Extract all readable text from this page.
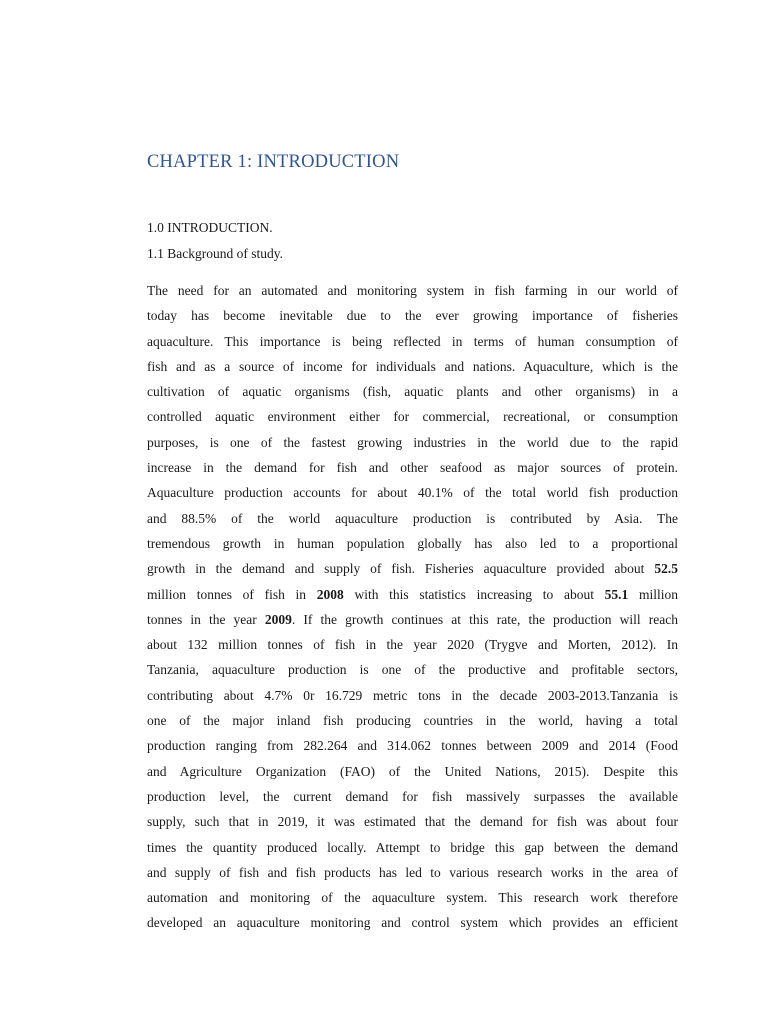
CHAPTER 1: INTRODUCTION

1.0 INTRODUCTION.

1.1 Background of study.

The need for an automated and monitoring system in fish farming in our world of
today has become inevitable due to the ever growing importance of fisheries
aquaculture. This importance is being reflected in terms of human consumption of
fish and as a source of income for individuals and nations. Aquaculture, which is the
cultivation of aquatic organisms (fish, aquatic plants and other organisms) in a
controlled aquatic environment either for commercial, recreational, or consumption
purposes, is one of the fastest growing industries in the world due to the rapid
increase in the demand for fish and other seafood as major sources of protein.
Aquaculture production accounts for about 40.1% of the total world fish production
and 88.5% of the world aquaculture production is contributed by Asia. The
tremendous growth in human population globally has also led to a proportional
growth in the demand and supply of fish. Fisheries aquaculture provided about 52.5
million tonnes of fish in 2008 with this statistics increasing to about 55.1 million
tonnes in the year 2009. If the growth continues at this rate, the production will reach
about 132 million tonnes of fish in the year 2020 (Trygve and Morten, 2012). In
Tanzania, aquaculture production is one of the productive and profitable sectors,
contributing about 4.7% 0r 16.729 metric tons in the decade 2003-2013.Tanzania is
one of the major inland fish producing countries in the world, having a total
production ranging from 282.264 and 314.062 tonnes between 2009 and 2014 (Food
and Agriculture Organization (FAO) of the United Nations, 2015). Despite this
production level, the current demand for fish massively surpasses the available
supply, such that in 2019, it was estimated that the demand for fish was about four
times the quantity produced locally. Attempt to bridge this gap between the demand
and supply of fish and fish products has led to various research works in the area of
automation and monitoring of the aquaculture system. This research work therefore
developed an aquaculture monitoring and control system which provides an efficient
